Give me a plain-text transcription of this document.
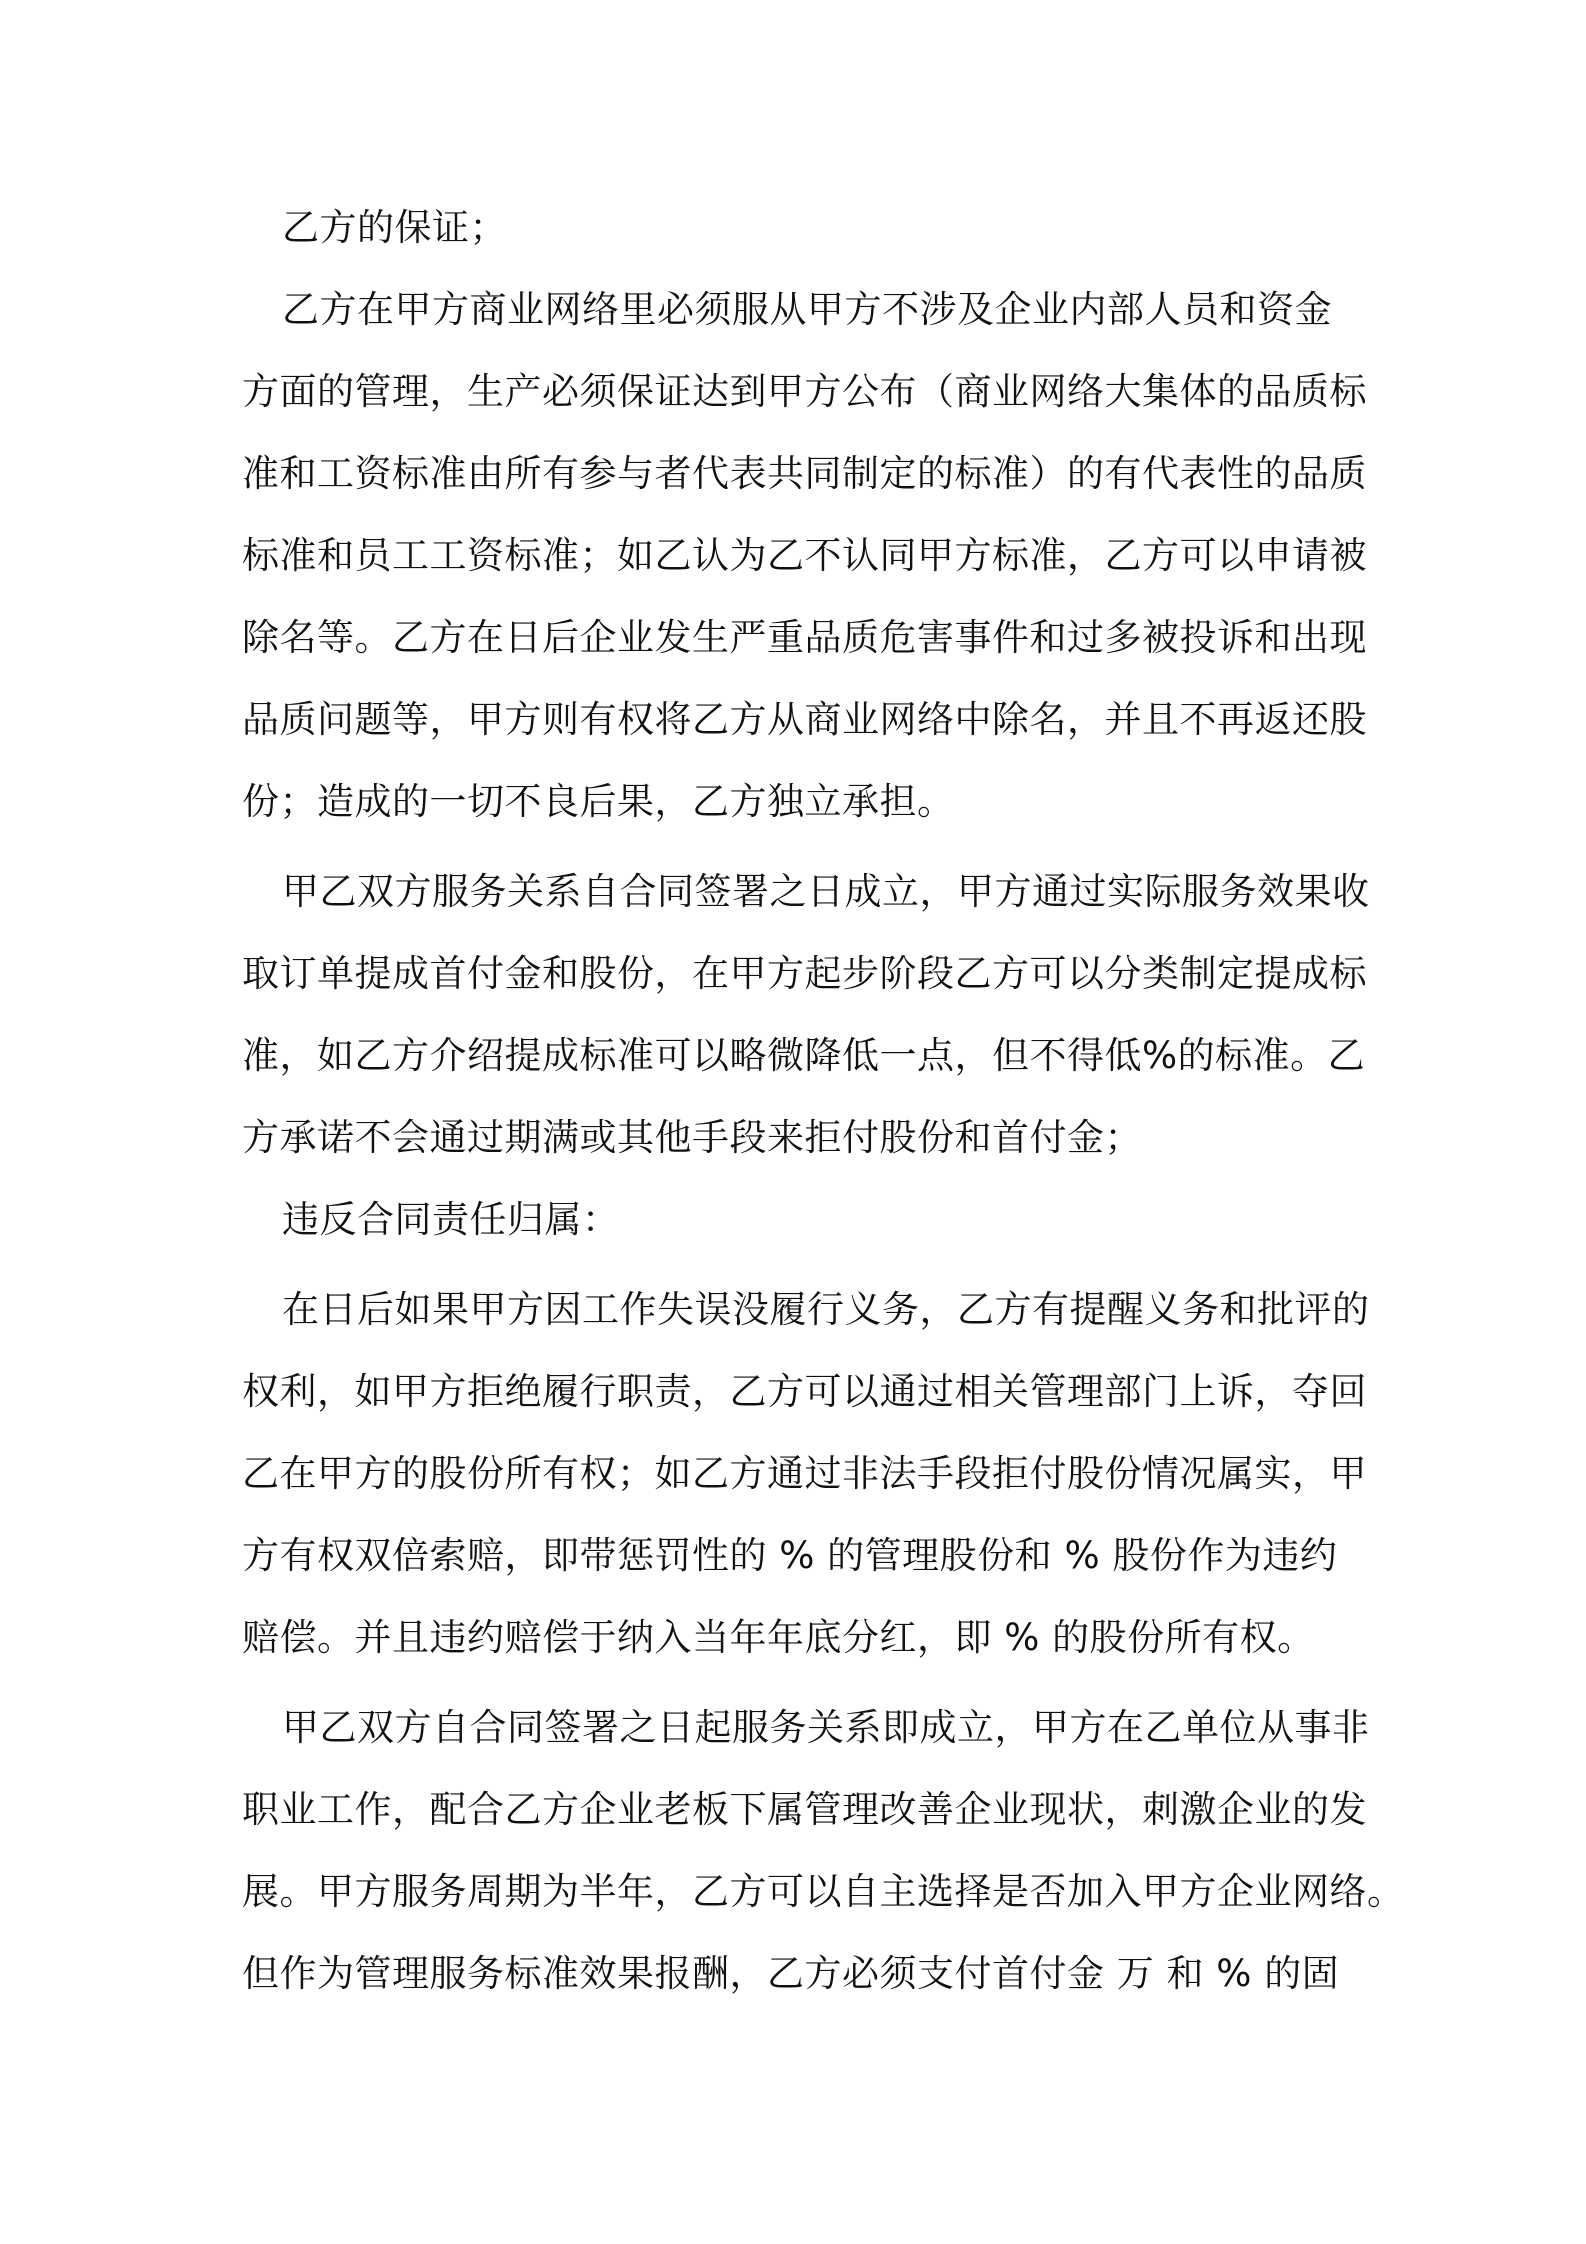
乙方的保证；
乙方在甲方商业网络里必须服从甲方不涉及企业内部人员和资金
方面的管理，生产必须保证达到甲方公布（商业网络大集体的品质标
准和工资标准由所有参与者代表共同制定的标准）的有代表性的品质
标准和员工工资标准；如乙认为乙不认同甲方标准，乙方可以申请被
除名等。乙方在日后企业发生严重品质危害事件和过多被投诉和出现
品质问题等，甲方则有权将乙方从商业网络中除名，并且不再返还股
份；造成的一切不良后果，乙方独立承担。
甲乙双方服务关系自合同签署之日成立，甲方通过实际服务效果收
取订单提成首付金和股份，在甲方起步阶段乙方可以分类制定提成标
准，如乙方介绍提成标准可以略微降低一点，但不得低%的标准。乙
方承诺不会通过期满或其他手段来拒付股份和首付金；
违反合同责任归属：
在日后如果甲方因工作失误没履行义务，乙方有提醒义务和批评的
权利，如甲方拒绝履行职责，乙方可以通过相关管理部门上诉，夺回
乙在甲方的股份所有权；如乙方通过非法手段拒付股份情况属实，甲
方有权双倍索赔，即带惩罚性的 % 的管理股份和 % 股份作为违约
赔偿。并且违约赔偿于纳入当年年底分红，即 % 的股份所有权。
甲乙双方自合同签署之日起服务关系即成立，甲方在乙单位从事非
职业工作，配合乙方企业老板下属管理改善企业现状，刺激企业的发
展。甲方服务周期为半年，乙方可以自主选择是否加入甲方企业网络。
但作为管理服务标准效果报酬，乙方必须支付首付金 万 和 % 的固
